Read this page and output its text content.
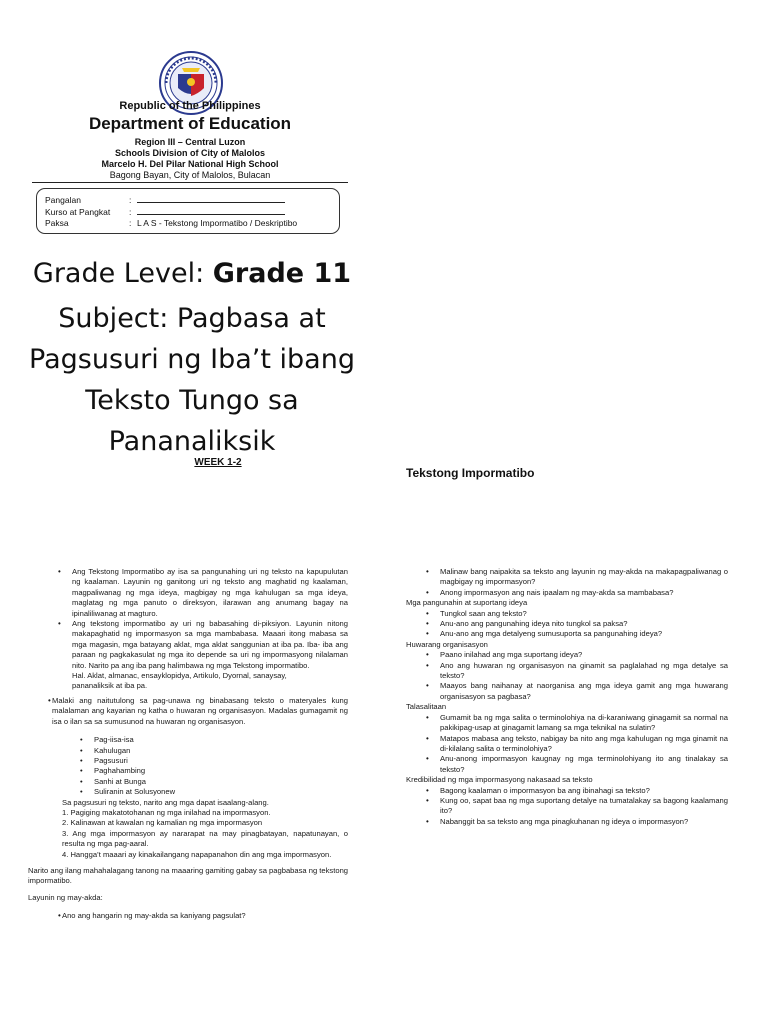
Republic of the Philippines
Department of Education
Region III – Central Luzon
Schools Division of City of Malolos
Marcelo H. Del Pilar National High School
Bagong Bayan, City of Malolos, Bulacan
Pangalan	:
Kurso at Pangkat :
Paksa	: L A S - Tekstong Impormatibo / Deskriptibo
Grade Level: Grade 11
Subject: Pagbasa at
Pagsusuri ng Iba’t ibang
Teksto Tungo sa
Pananaliksik
WEEK 1-2
Tekstong Impormatibo

• Ang Tekstong Impormatibo ay isa sa pangunahing uri ng teksto na kapupulutan ng kaalaman. Layunin ng ganitong uri ng teksto ang maghatid ng kaalaman, magpaliwanag ng mga ideya, magbigay ng mga kahulugan sa mga ideya, maglatag ng mga panuto o direksyon, ilarawan ang anumang bagay na ipinaliliwanag at magturo.

• Ang tekstong impormatibo ay uri ng babasahing di-piksiyon. Layunin nitong makapaghatid ng impormasyon sa mga mambabasa. Maaari itong mabasa sa mga magasin, mga batayang aklat, mga aklat sanggunian at iba pa. Iba- iba ang paraan ng pagkakasulat ng mga ito depende sa uri ng impormasyong nilalaman nito. Narito pa ang iba pang halimbawa ng mga Tekstong impormatibo.

Hal. Aklat, almanac, ensayklopidya, Artikulo, Dyornal, sanaysay,

pananaliksik at iba pa.

• Malaki ang naitutulong sa pag-unawa ng binabasang teksto o materyales kung malalaman ang kayarian ng katha o huwaran ng organisasyon. Madalas gumagamit ng isa o ilan sa sa sumusunod na huwaran ng organisasyon.

• Pag-iisa-isa

• Kahulugan

• Pagsusuri

• Paghahambing

• Sanhi at Bunga

• Suliranin at Solusyonew

Sa pagsusuri ng teksto, narito ang mga dapat isaalang-alang.

1. Pagiging makatotohanan ng mga inilahad na impormasyon.

2. Kalinawan at kawalan ng kamalian ng mga impormasyon

3. Ang mga impormasyon ay nararapat na may pinagbatayan, napatunayan, o resulta ng mga pag-aaral.

4. Hangga’t maaari ay kinakailangang napapanahon din ang mga impormasyon.

Narito ang ilang mahahalagang tanong na maaaring gamiting gabay sa pagbabasa ng tekstong impormatibo.

Layunin ng may-akda:

• Ano ang hangarin ng may-akda sa kaniyang pagsulat?

• Malinaw bang naipakita sa teksto ang layunin ng may-akda na makapagpaliwanag o magbigay ng impormasyon?

• Anong impormasyon ang nais ipaalam ng may-akda sa mambabasa?

Mga pangunahin at suportang ideya

• Tungkol saan ang teksto?

• Anu-ano ang pangunahing ideya nito tungkol sa paksa?

• Anu-ano ang mga detalyeng sumusuporta sa pangunahing ideya?

Huwarang organisasyon

• Paano inilahad ang mga suportang ideya?

• Ano ang huwaran ng organisasyon na ginamit sa paglalahad ng mga detalye sa teksto?

• Maayos bang naihanay at naorganisa ang mga ideya gamit ang mga huwarang organisasyon sa pagbasa?

Talasalitaan

• Gumamit ba ng mga salita o terminolohiya na di-karaniwang ginagamit sa normal na pakikipag-usap at ginagamit lamang sa mga teknikal na sulatin?

• Matapos mabasa ang teksto, nabigay ba nito ang mga kahulugan ng mga ginamit na di-kilalang salita o terminolohiya?

• Anu-anong impormasyon kaugnay ng mga terminolohiyang ito ang tinalakay sa teksto?

Kredibilidad ng mga impormasyong nakasaad sa teksto

• Bagong kaalaman o impormasyon ba ang ibinahagi sa teksto?

• Kung oo, sapat baa ng mga suportang detalye na tumatalakay sa bagong kaalamang ito?

• Nabanggit ba sa teksto ang mga pinagkuhanan ng ideya o impormasyon?
